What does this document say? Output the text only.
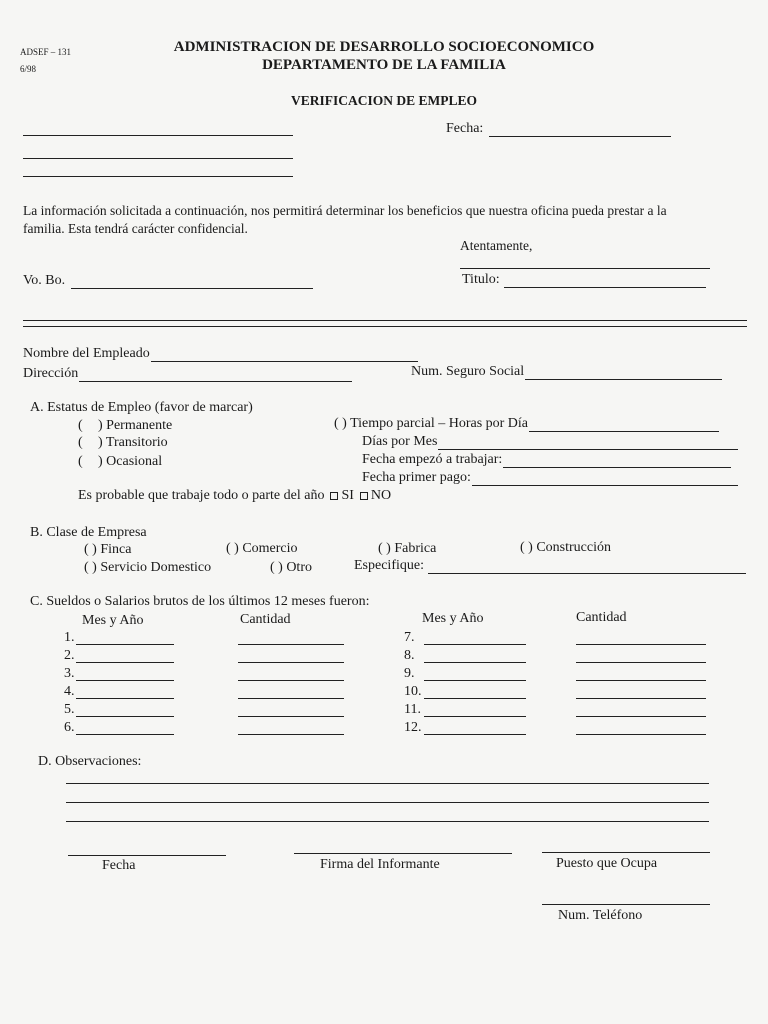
ADSEF – 131
6/98
ADMINISTRACION DE DESARROLLO SOCIOECONOMICO
DEPARTAMENTO DE LA FAMILIA
VERIFICACION DE EMPLEO
Fecha:
La información solicitada a continuación, nos permitirá determinar los beneficios que nuestra oficina pueda prestar a la
familia. Esta tendrá carácter confidencial.
Atentamente,
Vo. Bo.	Titulo:
Nombre del Empleado
Dirección	Num. Seguro Social
A. Estatus de Empleo (favor de marcar)
( ) Permanente
( ) Transitorio
( ) Ocasional
( ) Tiempo parcial – Horas por Día
Días por Mes
Fecha empezó a trabajar:
Fecha primer pago:
Es probable que trabaje todo o parte del año SI NO
B. Clase de Empresa
( ) Finca	( ) Comercio	( ) Fabrica	( ) Construcción
( ) Servicio Domestico	( ) Otro	Especifique:
C. Sueldos o Salarios brutos de los últimos 12 meses fueron:
Mes y Año	Cantidad	Mes y Año	Cantidad
1.
2.
3.
4.
5.
6.
7.
8.
9.
10.
11.
12.
D. Observaciones:
Fecha	Firma del Informante	Puesto que Ocupa
Num. Teléfono
